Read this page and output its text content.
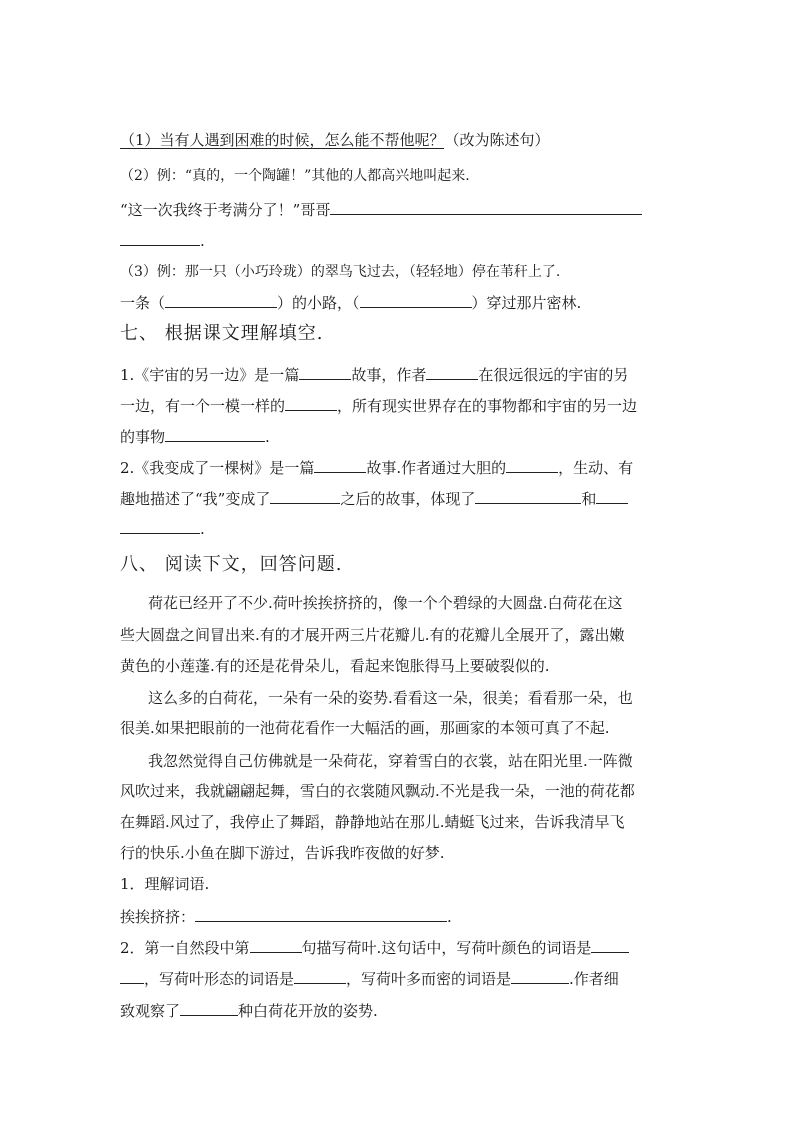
（1）当有人遇到困难的时候，怎么能不帮他呢？（改为陈述句）
（2）例：“真的，一个陶罐！”其他的人都高兴地叫起来.
“这一次我终于考满分了！”哥哥
.
（3）例：那一只（小巧玲珑）的翠鸟飞过去，（轻轻地）停在苇秆上了.
一条（	）的小路，（	）穿过那片密林.
七、 根据课文理解填空.
1.《宇宙的另一边》是一篇	故事，作者	在很远很远的宇宙的另
一边，有一个一模一样的	，所有现实世界存在的事物都和宇宙的另一边
的事物	.
2.《我变成了一棵树》是一篇	故事.作者通过大胆的	，生动、有
趣地描述了“我”变成了	之后的故事，体现了	和
.
八、 阅读下文，回答问题.
荷花已经开了不少.荷叶挨挨挤挤的，像一个个碧绿的大圆盘.白荷花在这
些大圆盘之间冒出来.有的才展开两三片花瓣儿.有的花瓣儿全展开了，露出嫩
黄色的小莲蓬.有的还是花骨朵儿，看起来饱胀得马上要破裂似的.
这么多的白荷花，一朵有一朵的姿势.看看这一朵，很美；看看那一朵，也
很美.如果把眼前的一池荷花看作一大幅活的画，那画家的本领可真了不起.
我忽然觉得自己仿佛就是一朵荷花，穿着雪白的衣裳，站在阳光里.一阵微
风吹过来，我就翩翩起舞，雪白的衣裳随风飘动.不光是我一朵，一池的荷花都
在舞蹈.风过了，我停止了舞蹈，静静地站在那儿.蜻蜓飞过来，告诉我清早飞
行的快乐.小鱼在脚下游过，告诉我昨夜做的好梦.
1．理解词语.
挨挨挤挤：	.
2．第一自然段中第	句描写荷叶.这句话中，写荷叶颜色的词语是
，写荷叶形态的词语是	，写荷叶多而密的词语是	.作者细
致观察了	种白荷花开放的姿势.
